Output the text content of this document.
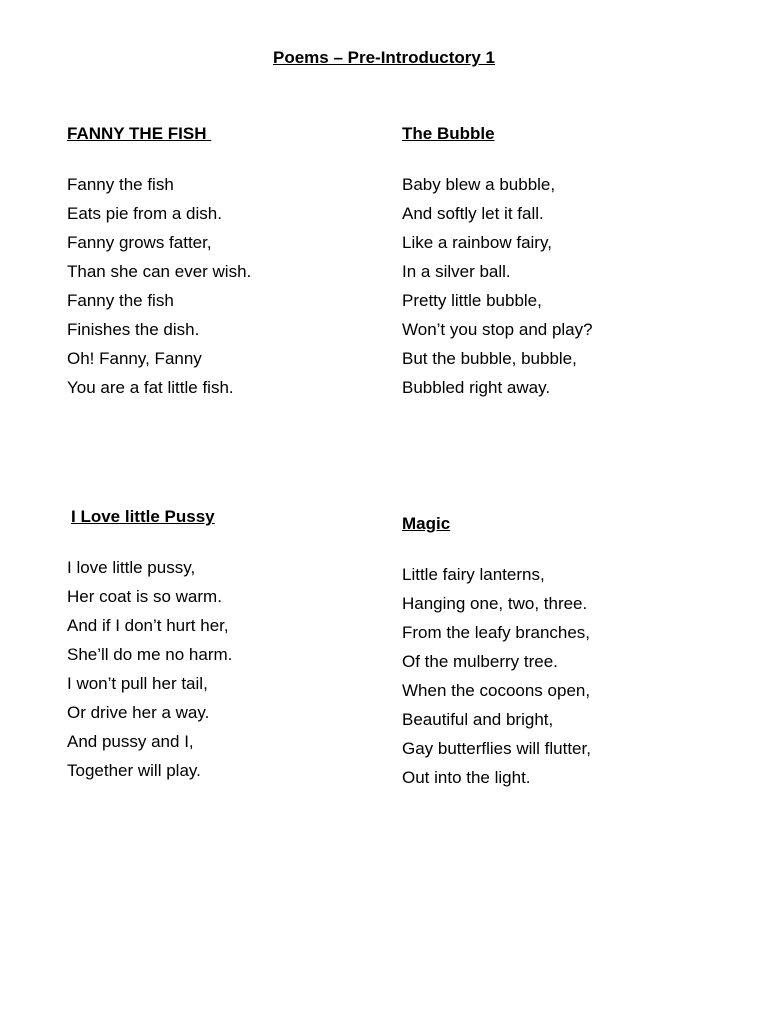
Poems – Pre-Introductory 1
FANNY THE FISH
Fanny the fish
Eats pie from a dish.
Fanny grows fatter,
Than she can ever wish.
Fanny the fish
Finishes the dish.
Oh! Fanny, Fanny
You are a fat little fish.
The Bubble
Baby blew a bubble,
And softly let it fall.
Like a rainbow fairy,
In a silver ball.
Pretty little bubble,
Won’t you stop and play?
But the bubble, bubble,
Bubbled right away.
I Love little Pussy
I love little pussy,
Her coat is so warm.
And if I don’t hurt her,
She’ll do me no harm.
I won’t pull her tail,
Or drive her a way.
And pussy and I,
Together will play.
Magic
Little fairy lanterns,
Hanging one, two, three.
From the leafy branches,
Of the mulberry tree.
When the cocoons open,
Beautiful and bright,
Gay butterflies will flutter,
Out into the light.
